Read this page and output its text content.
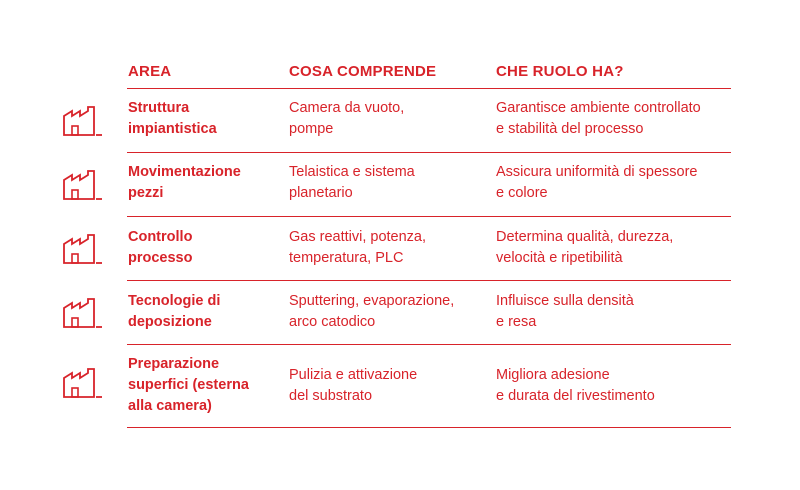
AREA	COSA COMPRENDE	CHE RUOLO HA?
Struttura
impiantistica
Camera da vuoto,
pompe
Garantisce ambiente controllato
e stabilità del processo
Movimentazione
pezzi
Telaistica e sistema
planetario
Assicura uniformità di spessore
e colore
Controllo
processo
Gas reattivi, potenza,
temperatura, PLC
Determina qualità, durezza,
velocità e ripetibilità
Tecnologie di
deposizione
Sputtering, evaporazione,
arco catodico
Influisce sulla densità
e resa
Preparazione
superfici (esterna
alla camera)
Pulizia e attivazione
del substrato
Migliora adesione
e durata del rivestimento
